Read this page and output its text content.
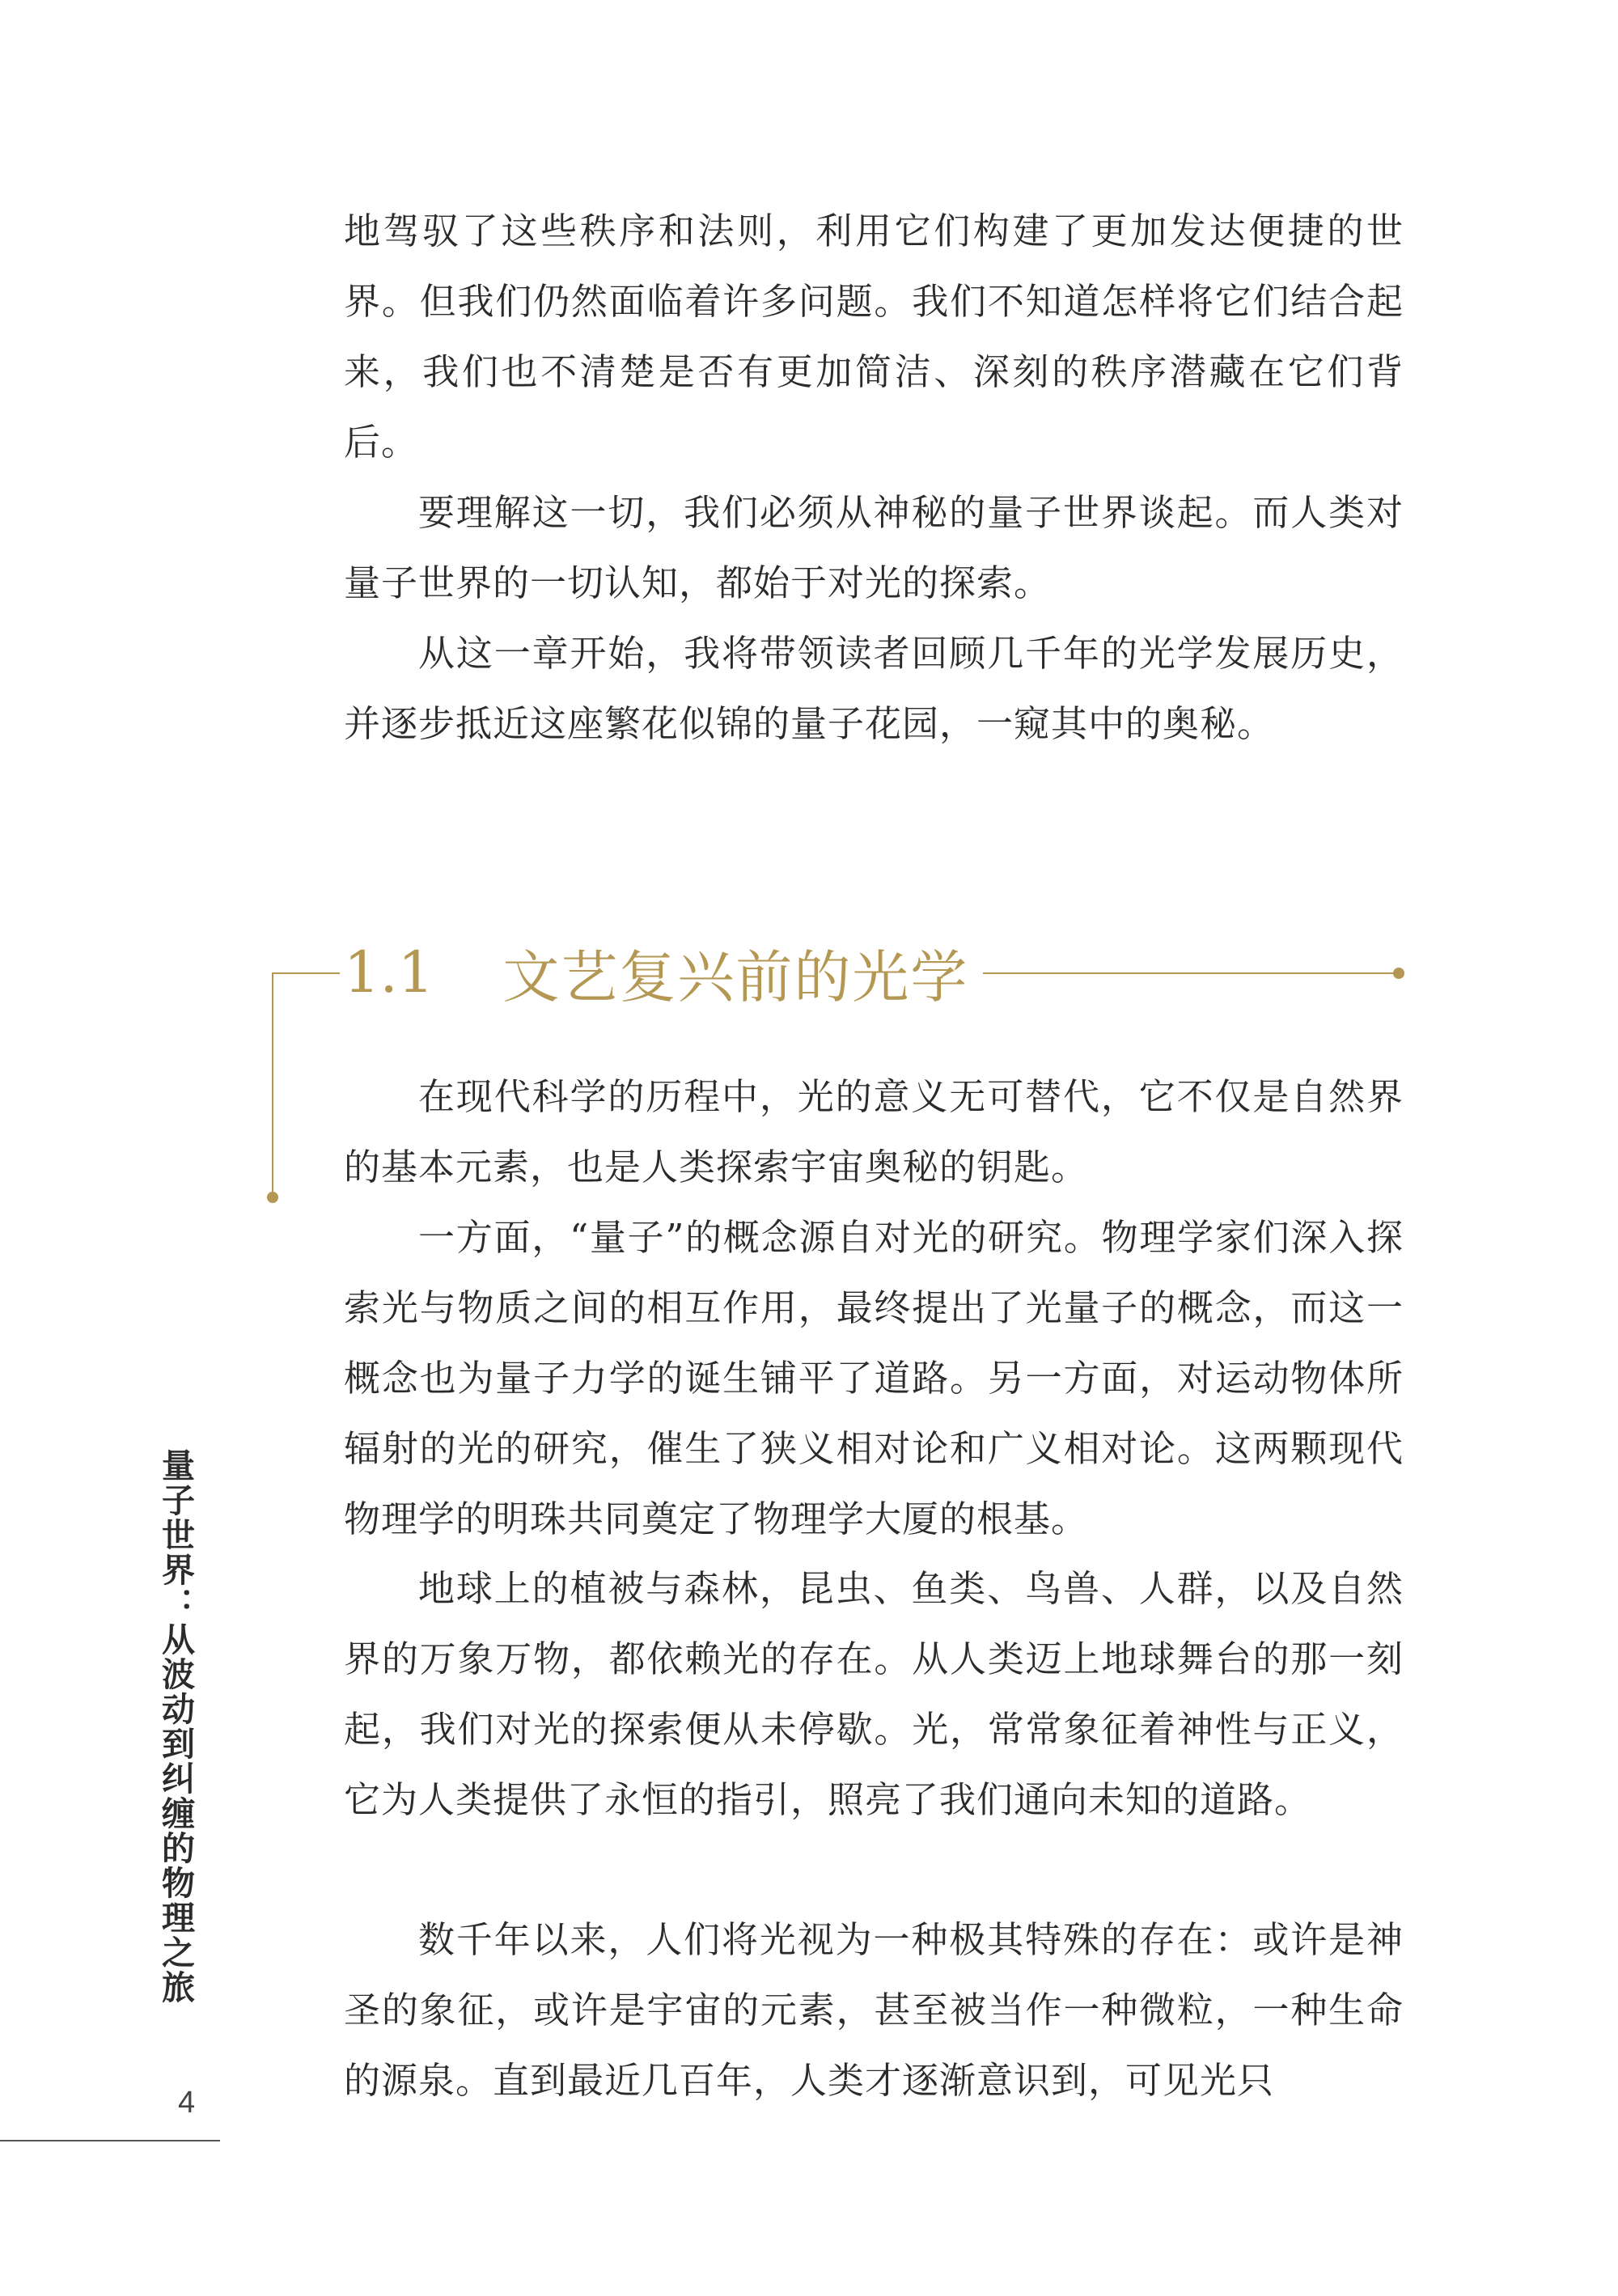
地驾驭了这些秩序和法则，利用它们构建了更加发达便捷的世界。但我们仍然面临着许多问题。我们不知道怎样将它们结合起来，我们也不清楚是否有更加简洁、深刻的秩序潜藏在它们背后。

要理解这一切，我们必须从神秘的量子世界谈起。而人类对量子世界的一切认知，都始于对光的探索。

从这一章开始，我将带领读者回顾几千年的光学发展历史，并逐步抵近这座繁花似锦的量子花园，一窥其中的奥秘。

1.1 文艺复兴前的光学

在现代科学的历程中，光的意义无可替代，它不仅是自然界的基本元素，也是人类探索宇宙奥秘的钥匙。

一方面，“量子”的概念源自对光的研究。物理学家们深入探索光与物质之间的相互作用，最终提出了光量子的概念，而这一概念也为量子力学的诞生铺平了道路。另一方面，对运动物体所辐射的光的研究，催生了狭义相对论和广义相对论。这两颗现代物理学的明珠共同奠定了物理学大厦的根基。

地球上的植被与森林，昆虫、鱼类、鸟兽、人群，以及自然界的万象万物，都依赖光的存在。从人类迈上地球舞台的那一刻起，我们对光的探索便从未停歇。光，常常象征着神性与正义，它为人类提供了永恒的指引，照亮了我们通向未知的道路。

数千年以来，人们将光视为一种极其特殊的存在：或许是神圣的象征，或许是宇宙的元素，甚至被当作一种微粒，一种生命的源泉。直到最近几百年，人类才逐渐意识到，可见光只

量子世界：从波动到纠缠的物理之旅
4
